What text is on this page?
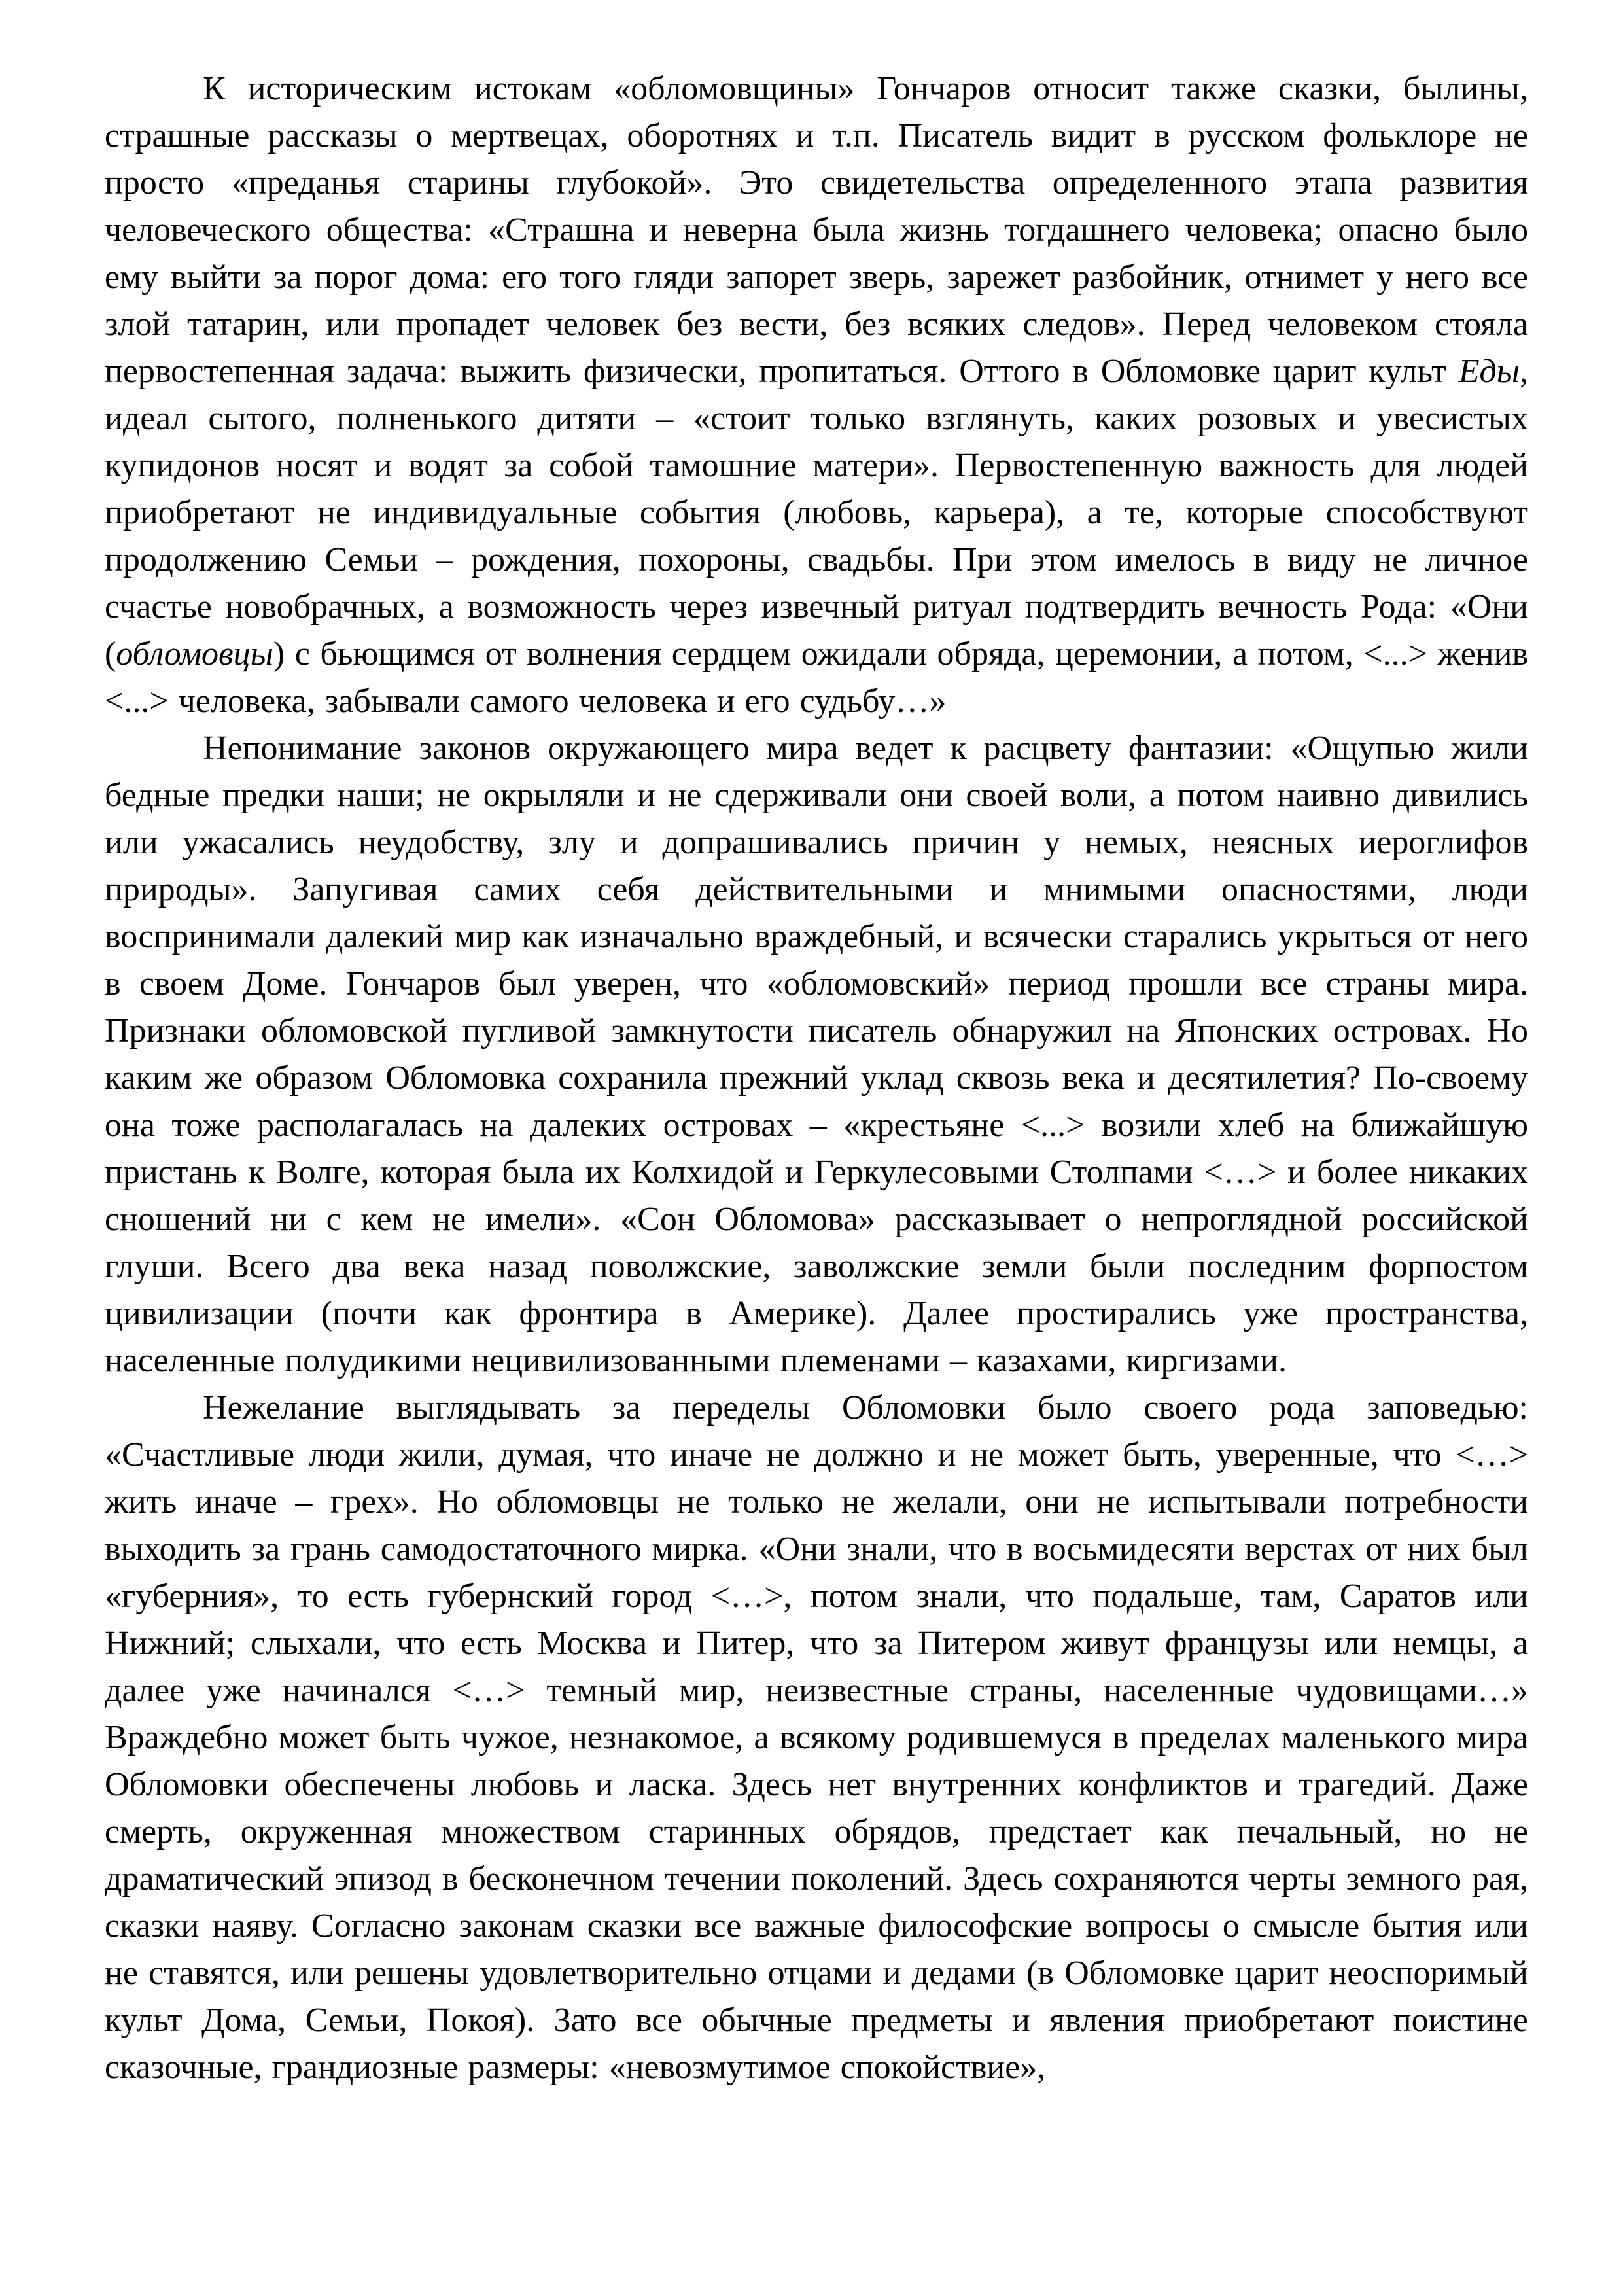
К историческим истокам «обломовщины» Гончаров относит также сказки, былины, страшные рассказы о мертвецах, оборотнях и т.п. Писатель видит в русском фольклоре не просто «преданья старины глубокой». Это свидетельства определенного этапа развития человеческого общества: «Страшна и неверна была жизнь тогдашнего человека; опасно было ему выйти за порог дома: его того гляди запорет зверь, зарежет разбойник, отнимет у него все злой татарин, или пропадет человек без вести, без всяких следов». Перед человеком стояла первостепенная задача: выжить физически, пропитаться. Оттого в Обломовке царит культ Еды, идеал сытого, полненького дитяти – «стоит только взглянуть, каких розовых и увесистых купидонов носят и водят за собой тамошние матери». Первостепенную важность для людей приобретают не индивидуальные события (любовь, карьера), а те, которые способствуют продолжению Семьи – рождения, похороны, свадьбы. При этом имелось в виду не личное счастье новобрачных, а возможность через извечный ритуал подтвердить вечность Рода: «Они (обломовцы) с бьющимся от волнения сердцем ожидали обряда, церемонии, а потом, <...> женив <...> человека, забывали самого человека и его судьбу…»

Непонимание законов окружающего мира ведет к расцвету фантазии: «Ощупью жили бедные предки наши; не окрыляли и не сдерживали они своей воли, а потом наивно дивились или ужасались неудобству, злу и допрашивались причин у немых, неясных иероглифов природы». Запугивая самих себя действительными и мнимыми опасностями, люди воспринимали далекий мир как изначально враждебный, и всячески старались укрыться от него в своем Доме. Гончаров был уверен, что «обломовский» период прошли все страны мира. Признаки обломовской пугливой замкнутости писатель обнаружил на Японских островах. Но каким же образом Обломовка сохранила прежний уклад сквозь века и десятилетия? По-своему она тоже располагалась на далеких островах – «крестьяне <...> возили хлеб на ближайшую пристань к Волге, которая была их Колхидой и Геркулесовыми Столпами <…> и более никаких сношений ни с кем не имели». «Сон Обломова» рассказывает о непроглядной российской глуши. Всего два века назад поволжские, заволжские земли были последним форпостом цивилизации (почти как фронтира в Америке). Далее простирались уже пространства, населенные полудикими нецивилизованными племенами – казахами, киргизами.

Нежелание выглядывать за переделы Обломовки было своего рода заповедью: «Счастливые люди жили, думая, что иначе не должно и не может быть, уверенные, что <…> жить иначе – грех». Но обломовцы не только не желали, они не испытывали потребности выходить за грань самодостаточного мирка. «Они знали, что в восьмидесяти верстах от них был «губерния», то есть губернский город <…>, потом знали, что подальше, там, Саратов или Нижний; слыхали, что есть Москва и Питер, что за Питером живут французы или немцы, а далее уже начинался <…> темный мир, неизвестные страны, населенные чудовищами…» Враждебно может быть чужое, незнакомое, а всякому родившемуся в пределах маленького мира Обломовки обеспечены любовь и ласка. Здесь нет внутренних конфликтов и трагедий. Даже смерть, окруженная множеством старинных обрядов, предстает как печальный, но не драматический эпизод в бесконечном течении поколений. Здесь сохраняются черты земного рая, сказки наяву. Согласно законам сказки все важные философские вопросы о смысле бытия или не ставятся, или решены удовлетворительно отцами и дедами (в Обломовке царит неоспоримый культ Дома, Семьи, Покоя). Зато все обычные предметы и явления приобретают поистине сказочные, грандиозные размеры: «невозмутимое спокойствие»,
